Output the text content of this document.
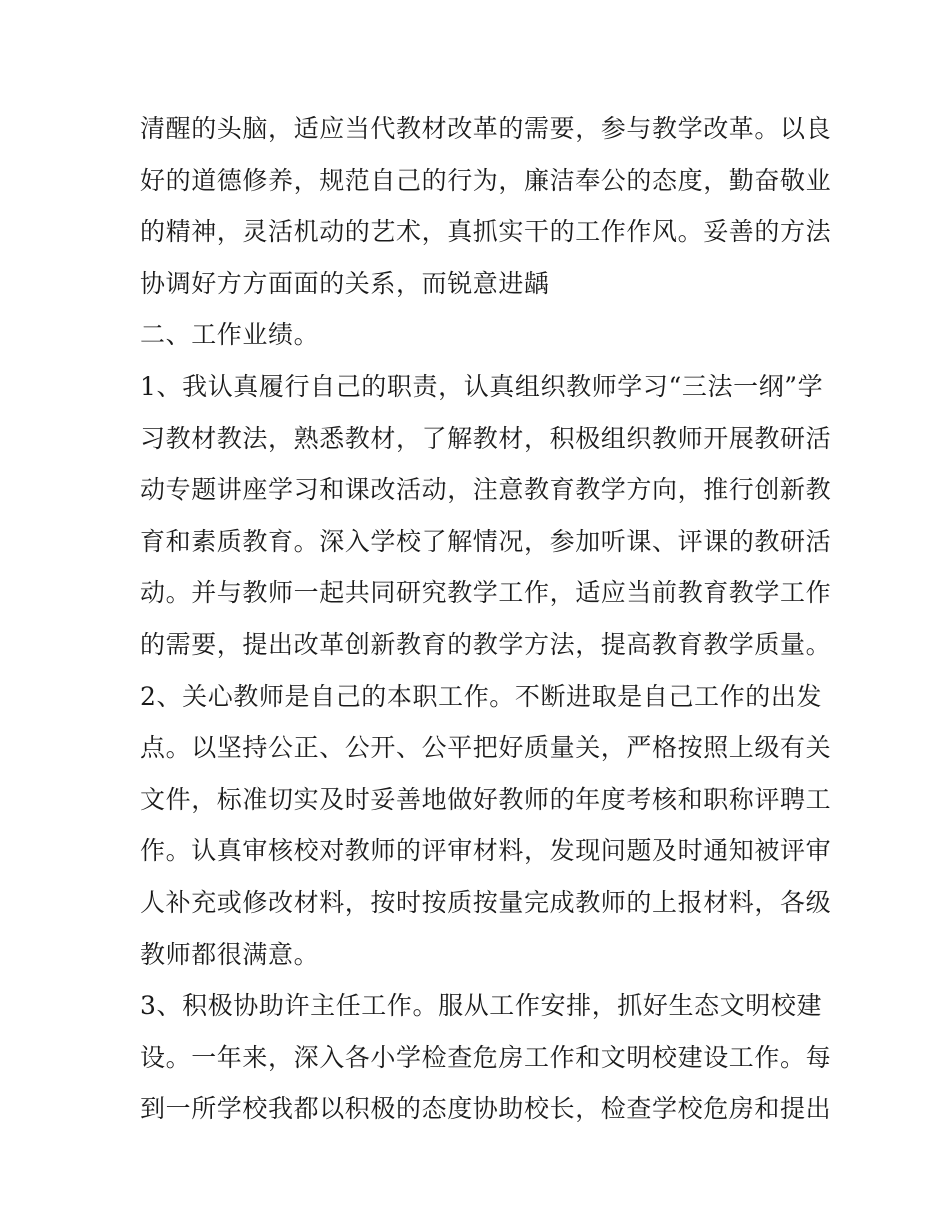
清醒的头脑，适应当代教材改革的需要，参与教学改革。以良
好的道德修养，规范自己的行为，廉洁奉公的态度，勤奋敬业
的精神，灵活机动的艺术，真抓实干的工作作风。妥善的方法
协调好方方面面的关系，而锐意进龋
二、工作业绩。
1、我认真履行自己的职责，认真组织教师学习“三法一纲”学
习教材教法，熟悉教材，了解教材，积极组织教师开展教研活
动专题讲座学习和课改活动，注意教育教学方向，推行创新教
育和素质教育。深入学校了解情况，参加听课、评课的教研活
动。并与教师一起共同研究教学工作，适应当前教育教学工作
的需要，提出改革创新教育的教学方法，提高教育教学质量。
2、关心教师是自己的本职工作。不断进取是自己工作的出发
点。以坚持公正、公开、公平把好质量关，严格按照上级有关
文件，标准切实及时妥善地做好教师的年度考核和职称评聘工
作。认真审核校对教师的评审材料，发现问题及时通知被评审
人补充或修改材料，按时按质按量完成教师的上报材料，各级
教师都很满意。
3、积极协助许主任工作。服从工作安排，抓好生态文明校建
设。一年来，深入各小学检查危房工作和文明校建设工作。每
到一所学校我都以积极的态度协助校长，检查学校危房和提出
